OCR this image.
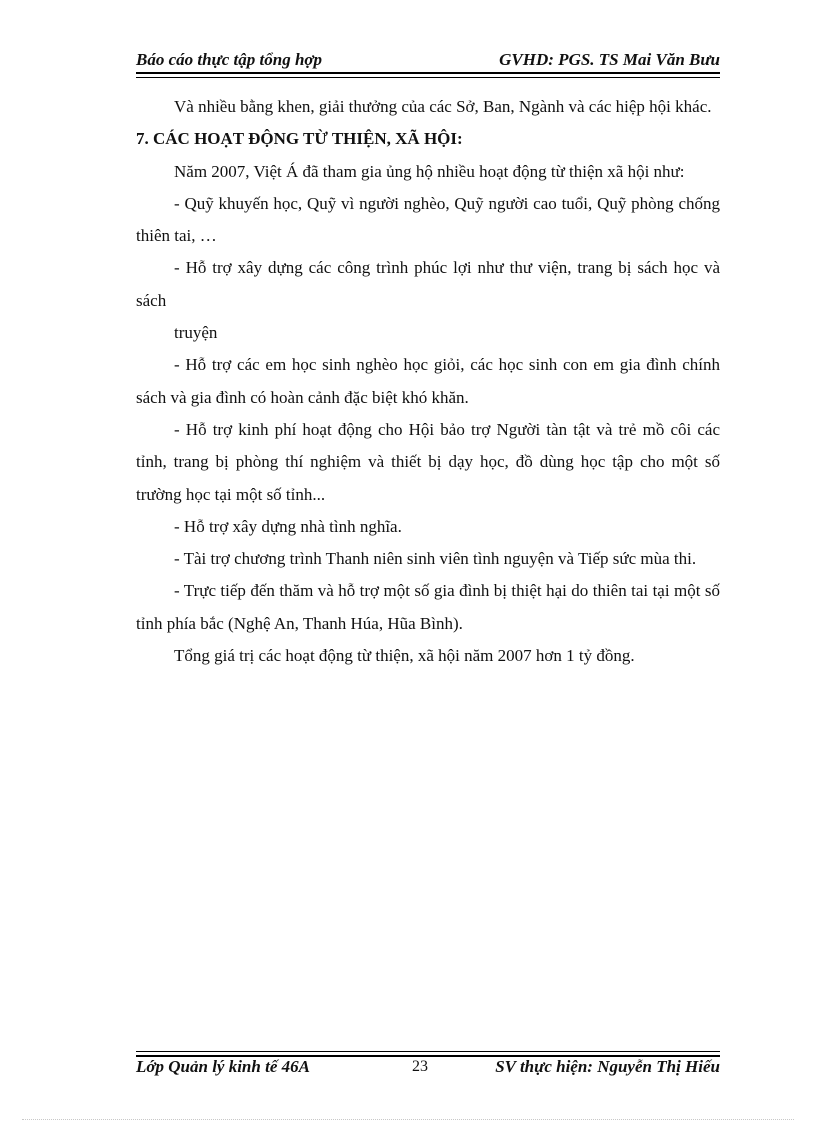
Báo cáo thực tập tổng hợp	GVHD: PGS. TS Mai Văn Bưu

Và nhiều bằng khen, giải thưởng của các Sở, Ban, Ngành và các hiệp hội khác.

7. CÁC HOẠT ĐỘNG TỪ THIỆN, XÃ HỘI:

Năm 2007, Việt Á đã tham gia ủng hộ nhiều hoạt động từ thiện xã hội như:

- Quỹ khuyến học, Quỹ vì người nghèo, Quỹ người cao tuổi, Quỹ phòng chống thiên tai, …

- Hỗ trợ xây dựng các công trình phúc lợi như thư viện, trang bị sách học và sách

truyện

- Hỗ trợ các em học sinh nghèo học giỏi, các học sinh con em gia đình chính sách và gia đình có hoàn cảnh đặc biệt khó khăn.

- Hỗ trợ kinh phí hoạt động cho Hội bảo trợ Người tàn tật và trẻ mồ côi các tỉnh, trang bị phòng thí nghiệm và thiết bị dạy học, đồ dùng học tập cho một số trường học tại một số tỉnh...

- Hỗ trợ xây dựng nhà tình nghĩa.

- Tài trợ chương trình Thanh niên sinh viên tình nguyện và Tiếp sức mùa thi.

- Trực tiếp đến thăm và hỗ trợ một số gia đình bị thiệt hại do thiên tai tại một số tỉnh phía bắc (Nghệ An, Thanh Húa, Hũa Bình).

Tổng giá trị các hoạt động từ thiện, xã hội năm 2007 hơn 1 tỷ đồng.

Lớp Quản lý kinh tế 46A	23	SV thực hiện: Nguyễn Thị Hiếu
